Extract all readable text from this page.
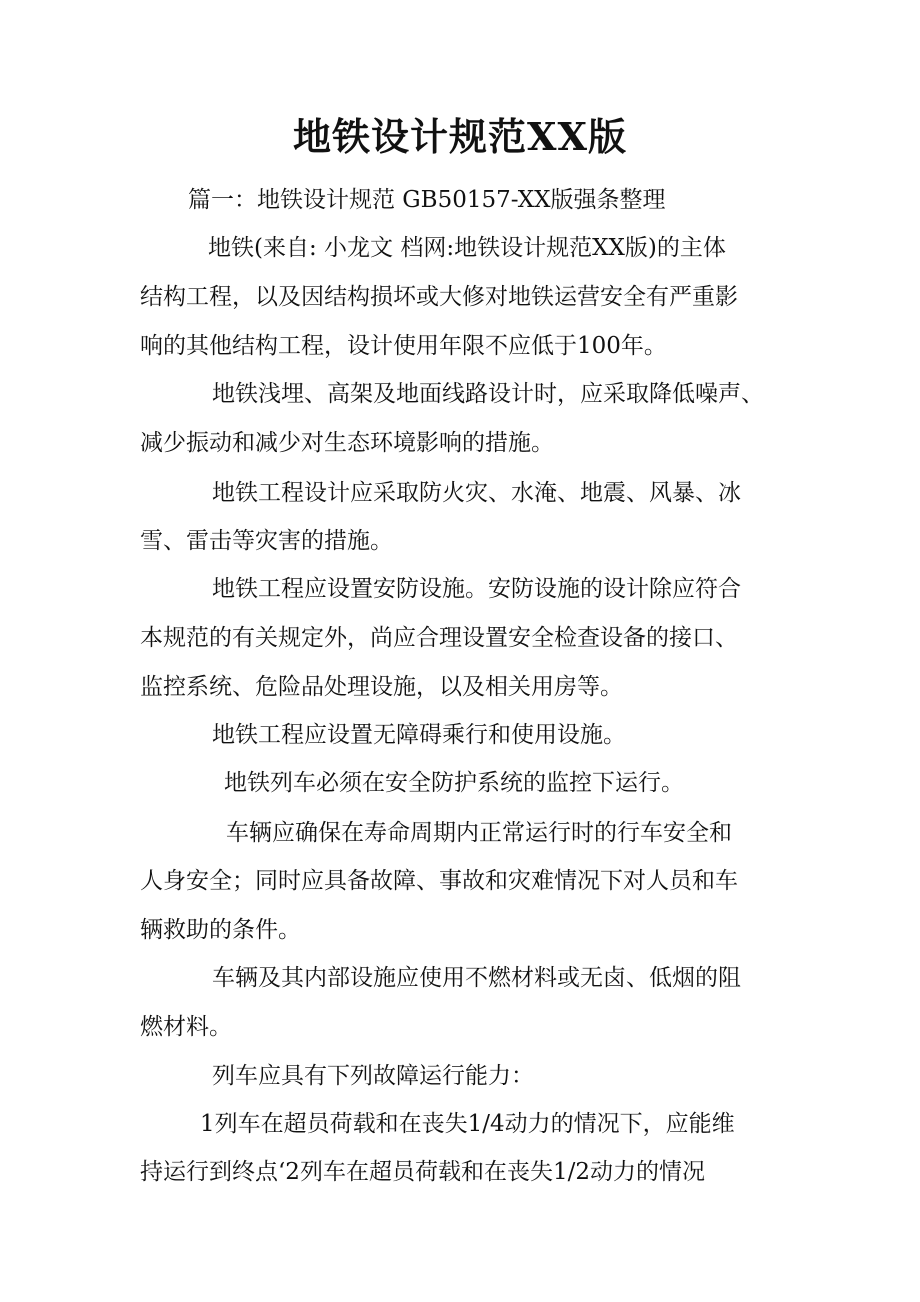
地铁设计规范XX版

篇一：地铁设计规范 GB50157-XX版强条整理

地铁(来自: 小龙文 档网:地铁设计规范XX版)的主体

结构工程，以及因结构损坏或大修对地铁运营安全有严重影

响的其他结构工程，设计使用年限不应低于100年。

地铁浅埋、高架及地面线路设计时，应采取降低噪声、

减少振动和减少对生态环境影响的措施。

地铁工程设计应采取防火灾、水淹、地震、风暴、冰

雪、雷击等灾害的措施。

地铁工程应设置安防设施。安防设施的设计除应符合

本规范的有关规定外，尚应合理设置安全检查设备的接口、

监控系统、危险品处理设施，以及相关用房等。

地铁工程应设置无障碍乘行和使用设施。

地铁列车必须在安全防护系统的监控下运行。

车辆应确保在寿命周期内正常运行时的行车安全和

人身安全；同时应具备故障、事故和灾难情况下对人员和车

辆救助的条件。

车辆及其内部设施应使用不燃材料或无卤、低烟的阻

燃材料。

列车应具有下列故障运行能力：

1列车在超员荷载和在丧失1/4动力的情况下，应能维

持运行到终点‘2列车在超员荷载和在丧失1/2动力的情况
